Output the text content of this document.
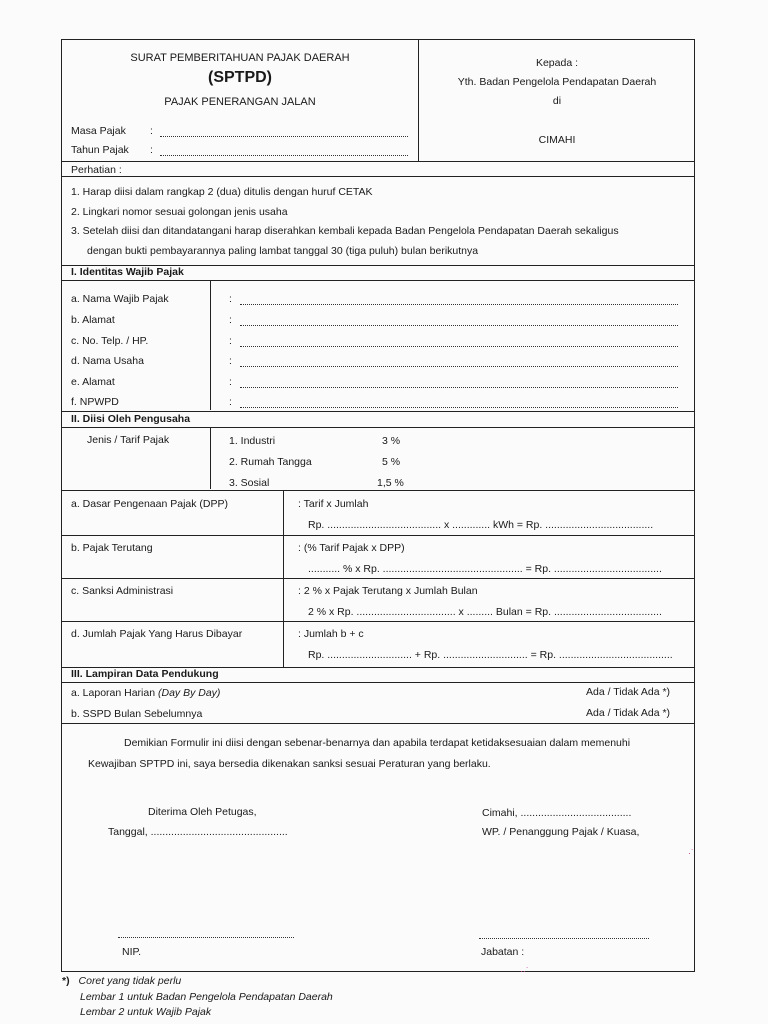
SURAT PEMBERITAHUAN PAJAK DAERAH
(SPTPD)
PAJAK PENERANGAN JALAN
Masa Pajak :
Tahun Pajak :
Kepada :
Yth. Badan Pengelola Pendapatan Daerah
di
CIMAHI
Perhatian :
1. Harap diisi dalam rangkap 2 (dua) ditulis dengan huruf CETAK
2. Lingkari nomor sesuai golongan jenis usaha
3. Setelah diisi dan ditandatangani harap diserahkan kembali kepada Badan Pengelola Pendapatan Daerah sekaligus
dengan bukti pembayarannya paling lambat tanggal 30 (tiga puluh) bulan berikutnya
I. Identitas Wajib Pajak
a. Nama Wajib Pajak	:
b. Alamat	:
c. No. Telp. / HP.	:
d. Nama Usaha	:
e. Alamat	:
f. NPWPD	:
II. Diisi Oleh Pengusaha
Jenis / Tarif Pajak	1. Industri	3 %
2. Rumah Tangga	5 %
3. Sosial	1,5 %
a. Dasar Pengenaan Pajak (DPP)	: Tarif x Jumlah
Rp. ....................................... x ............. kWh = Rp. .....................................
b. Pajak Terutang	: (% Tarif Pajak x DPP)
........... % x Rp. ................................................ = Rp. .....................................
c. Sanksi Administrasi	: 2 % x Pajak Terutang x Jumlah Bulan
2 % x Rp. .................................. x ......... Bulan = Rp. .....................................
d. Jumlah Pajak Yang Harus Dibayar	: Jumlah b + c
Rp. ............................. + Rp. ............................. = Rp. .......................................
III. Lampiran Data Pendukung
a. Laporan Harian (Day By Day)	Ada / Tidak Ada *)
b. SSPD Bulan Sebelumnya	Ada / Tidak Ada *)
Demikian Formulir ini diisi dengan sebenar-benarnya dan apabila terdapat ketidaksesuaian dalam memenuhi
Kewajiban SPTPD ini, saya bersedia dikenakan sanksi sesuai Peraturan yang berlaku.
Diterima Oleh Petugas,
Tanggal, ...............................................
Cimahi, ......................................
WP. / Penanggung Pajak / Kuasa,
NIP.	Jabatan :
*) Coret yang tidak perlu
Lembar 1 untuk Badan Pengelola Pendapatan Daerah
Lembar 2 untuk Wajib Pajak
·˙
··˙
